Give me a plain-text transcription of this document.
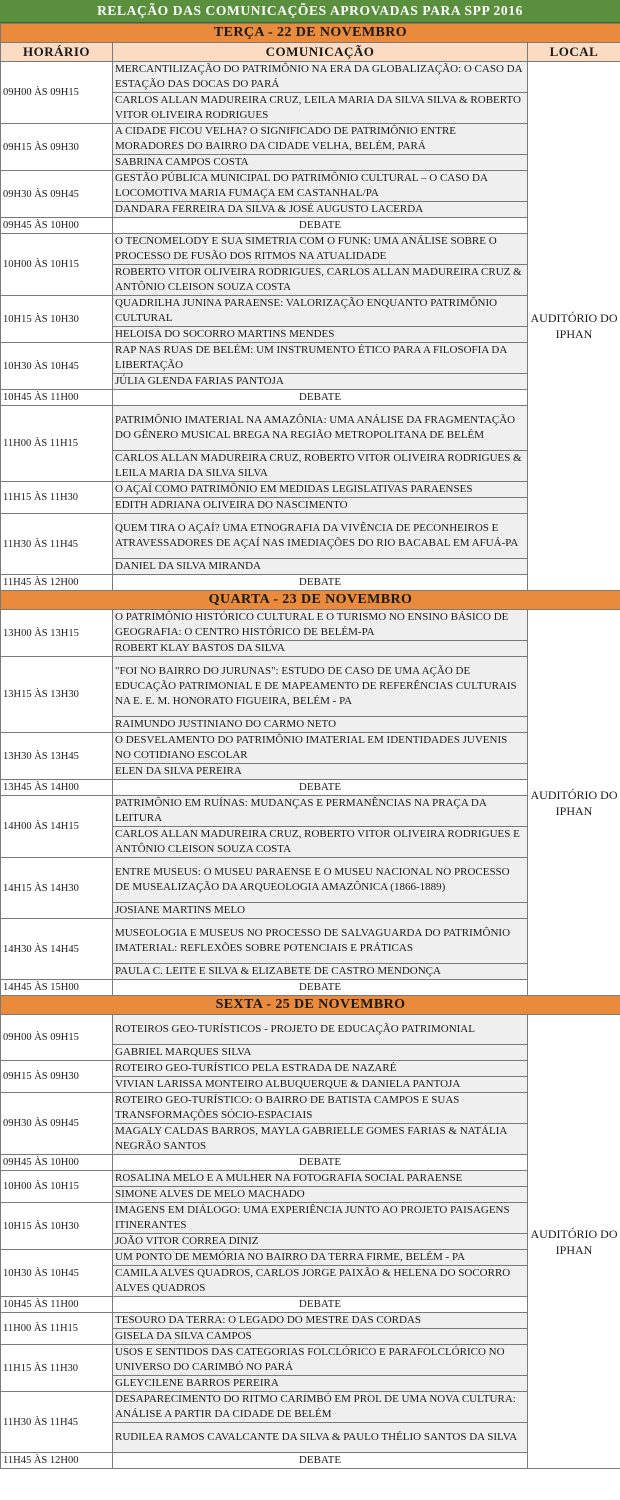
RELAÇÃO DAS COMUNICAÇÕES APROVADAS PARA SPP 2016
TERÇA - 22 DE NOVEMBRO		
HORÁRIO	COMUNICAÇÃO	LOCAL
09H00 ÀS 09H15	MERCANTILIZAÇÃO DO PATRIMÔNIO NA ERA DA GLOBALIZAÇÃO: O CASO DA ESTAÇÃO DAS DOCAS DO PARÁ	AUDITÓRIO DO IPHAN
	CARLOS ALLAN MADUREIRA CRUZ, LEILA MARIA DA SILVA SILVA & ROBERTO VITOR OLIVEIRA RODRIGUES	
09H15 ÀS 09H30	A CIDADE FICOU VELHA? O SIGNIFICADO DE PATRIMÔNIO ENTRE MORADORES DO BAIRRO DA CIDADE VELHA, BELÉM, PARÁ	
	SABRINA CAMPOS COSTA	
09H30 ÀS 09H45	GESTÃO PÚBLICA MUNICIPAL DO PATRIMÔNIO CULTURAL – O CASO DA LOCOMOTIVA MARIA FUMAÇA EM CASTANHAL/PA	
	DANDARA FERREIRA DA SILVA & JOSÉ AUGUSTO LACERDA	
09H45 ÀS 10H00	DEBATE	
10H00 ÀS 10H15	O TECNOMELODY E SUA SIMETRIA COM O FUNK: UMA ANÁLISE SOBRE O PROCESSO DE FUSÃO DOS RITMOS NA ATUALIDADE	
	ROBERTO VITOR OLIVEIRA RODRIGUES, CARLOS ALLAN MADUREIRA CRUZ & ANTÔNIO CLEISON SOUZA COSTA	
10H15 ÀS 10H30	QUADRILHA JUNINA PARAENSE: VALORIZAÇÃO ENQUANTO PATRIMÔNIO CULTURAL	
	HELOISA DO SOCORRO MARTINS MENDES	
10H30 ÀS 10H45	RAP NAS RUAS DE BELÉM: UM INSTRUMENTO ÉTICO PARA A FILOSOFIA DA LIBERTAÇÃO	
	JÚLIA GLENDA FARIAS PANTOJA	
10H45 ÀS 11H00	DEBATE	
11H00 ÀS 11H15	PATRIMÔNIO IMATERIAL NA AMAZÔNIA: UMA ANÁLISE DA FRAGMENTAÇÃO DO GÊNERO MUSICAL BREGA NA REGIÃO METROPOLITANA DE BELÉM	
	CARLOS ALLAN MADUREIRA CRUZ, ROBERTO VITOR OLIVEIRA RODRIGUES & LEILA MARIA DA SILVA SILVA	
11H15 ÀS 11H30	O AÇAÍ COMO PATRIMÔNIO EM MEDIDAS LEGISLATIVAS PARAENSES	
	EDITH ADRIANA OLIVEIRA DO NASCIMENTO	
11H30 ÀS 11H45	QUEM TIRA O AÇAÍ? UMA ETNOGRAFIA DA VIVÊNCIA DE PECONHEIROS E ATRAVESSADORES DE AÇAÍ NAS IMEDIAÇÕES DO RIO BACABAL EM AFUÁ-PA	
	DANIEL DA SILVA MIRANDA	
11H45 ÀS 12H00	DEBATE	
QUARTA - 23 DE NOVEMBRO		
13H00 ÀS 13H15	O PATRIMÔNIO HISTÓRICO CULTURAL E O TURISMO NO ENSINO BÁSICO DE GEOGRAFIA: O CENTRO HISTÓRICO DE BELÉM-PA	AUDITÓRIO DO IPHAN
	ROBERT KLAY BASTOS DA SILVA	
13H15 ÀS 13H30	"FOI NO BAIRRO DO JURUNAS": ESTUDO DE CASO DE UMA AÇÃO DE EDUCAÇÃO PATRIMONIAL E DE MAPEAMENTO DE REFERÊNCIAS CULTURAIS NA E. E. M. HONORATO FIGUEIRA, BELÉM - PA	
	RAIMUNDO JUSTINIANO DO CARMO NETO	
13H30 ÀS 13H45	O DESVELAMENTO DO PATRIMÔNIO IMATERIAL EM IDENTIDADES JUVENIS NO COTIDIANO ESCOLAR	
	ELEN DA SILVA PEREIRA	
13H45 ÀS 14H00	DEBATE	
14H00 ÀS 14H15	PATRIMÔNIO EM RUÍNAS: MUDANÇAS E PERMANÊNCIAS NA PRAÇA DA LEITURA	
	CARLOS ALLAN MADUREIRA CRUZ, ROBERTO VITOR OLIVEIRA RODRIGUES E ANTÔNIO CLEISON SOUZA COSTA	
14H15 ÀS 14H30	ENTRE MUSEUS: O MUSEU PARAENSE E O MUSEU NACIONAL NO PROCESSO DE MUSEALIZAÇÃO DA ARQUEOLOGIA AMAZÔNICA (1866-1889)	
	JOSIANE MARTINS MELO	
14H30 ÀS 14H45	MUSEOLOGIA E MUSEUS NO PROCESSO DE SALVAGUARDA DO PATRIMÔNIO IMATERIAL: REFLEXÕES SOBRE POTENCIAIS E PRÁTICAS	
	PAULA C. LEITE E SILVA & ELIZABETE DE CASTRO MENDONÇA	
14H45 ÀS 15H00	DEBATE	
SEXTA - 25 DE NOVEMBRO		
09H00 ÀS 09H15	ROTEIROS GEO-TURÍSTICOS - PROJETO DE EDUCAÇÃO PATRIMONIAL	AUDITÓRIO DO IPHAN
	GABRIEL MARQUES SILVA	
09H15 ÀS 09H30	ROTEIRO GEO-TURÍSTICO PELA ESTRADA DE NAZARÉ	
	VIVIAN LARISSA MONTEIRO ALBUQUERQUE & DANIELA PANTOJA	
09H30 ÀS 09H45	ROTEIRO GEO-TURÍSTICO: O BAIRRO DE BATISTA CAMPOS E SUAS TRANSFORMAÇÕES SÓCIO-ESPACIAIS	
	MAGALY CALDAS BARROS, MAYLA GABRIELLE GOMES FARIAS & NATÁLIA NEGRÃO SANTOS	
09H45 ÀS 10H00	DEBATE	
10H00 ÀS 10H15	ROSALINA MELO E A MULHER NA FOTOGRAFIA SOCIAL PARAENSE	
	SIMONE ALVES DE MELO MACHADO	
10H15 ÀS 10H30	IMAGENS EM DIÁLOGO: UMA EXPERIÊNCIA JUNTO AO PROJETO PAISAGENS ITINERANTES	
	JOÃO VITOR CORREA DINIZ	
10H30 ÀS 10H45	UM PONTO DE MEMÓRIA NO BAIRRO DA TERRA FIRME, BELÉM - PA	
	CAMILA ALVES QUADROS, CARLOS JORGE PAIXÃO & HELENA DO SOCORRO ALVES QUADROS	
10H45 ÀS 11H00	DEBATE	
11H00 ÀS 11H15	TESOURO DA TERRA: O LEGADO DO MESTRE DAS CORDAS	
	GISELA DA SILVA CAMPOS	
11H15 ÀS 11H30	USOS E SENTIDOS DAS CATEGORIAS FOLCLÓRICO E PARAFOLCLÓRICO NO UNIVERSO DO CARIMBÓ NO PARÁ	
	GLEYCILENE BARROS PEREIRA	
11H30 ÀS 11H45	DESAPARECIMENTO DO RITMO CARIMBÓ EM PROL DE UMA NOVA CULTURA: ANÁLISE A PARTIR DA CIDADE DE BELÉM	
	RUDILEA RAMOS CAVALCANTE DA SILVA & PAULO THÉLIO SANTOS DA SILVA	
11H45 ÀS 12H00	DEBATE	
